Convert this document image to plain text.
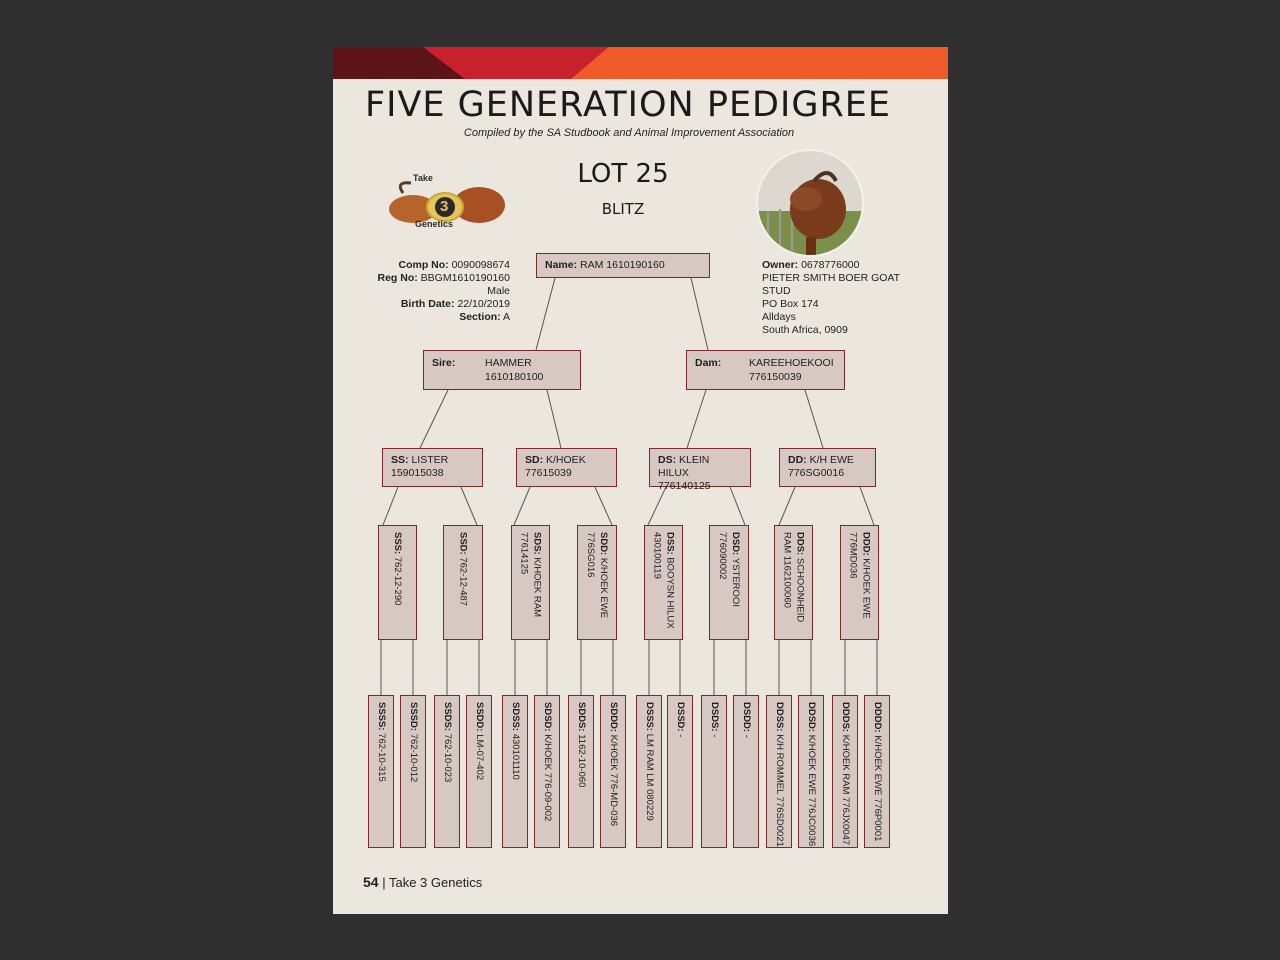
FIVE GENERATION PEDIGREE
Compiled by the SA Studbook and Animal Improvement Association
LOT 25
BLITZ
Take
3
Genetics
Comp No: 0090098674
Reg No: BBGM1610190160
Male
Birth Date: 22/10/2019
Section: A
Owner: 0678776000
PIETER SMITH BOER GOAT
STUD
PO Box 174
Alldays
South Africa, 0909
Name: RAM 1610190160
Sire:	HAMMER
1610180100
Dam:	KAREEHOEKOOI
776150039
SS: LISTER
159015038
SD: K/HOEK
77615039
DS: KLEIN HILUX
776140125
DD: K/H EWE
776SG0016
SSS: 762-12-290
SSD: 762-12-487
SDS: K/HOEK RAM
77614125	SDD: K/HOEK EWE
776SG016	DSS: BOOYSN HILUX
430100119	DSD: YSTEROOI
776090002	DDS: SCHOONHEID
RAM 1162100060	DDD: K/HOEK EWE
776MD036
SSSS: 762-10-315
SSSD: 762-10-012
SSDS: 762-10-023
SSDD: LM-07-402
SDSS: 430101110
SDSD: K/HOEK 776-09-002
SDDS: 1162-10-060
SDDD: K/HOEK 776-MD-036
DSSS: LM RAM LM 080229
DSSD: -
DSDS: -
DSDD: -
DDSS: K/H ROMMEL 776SD0021
DDSD: K/HOEK EWE 776JC0036
DDDS: K/HOEK RAM 776JX0047
DDDD: K/HOEK EWE 776P0001
54 | Take 3 Genetics
